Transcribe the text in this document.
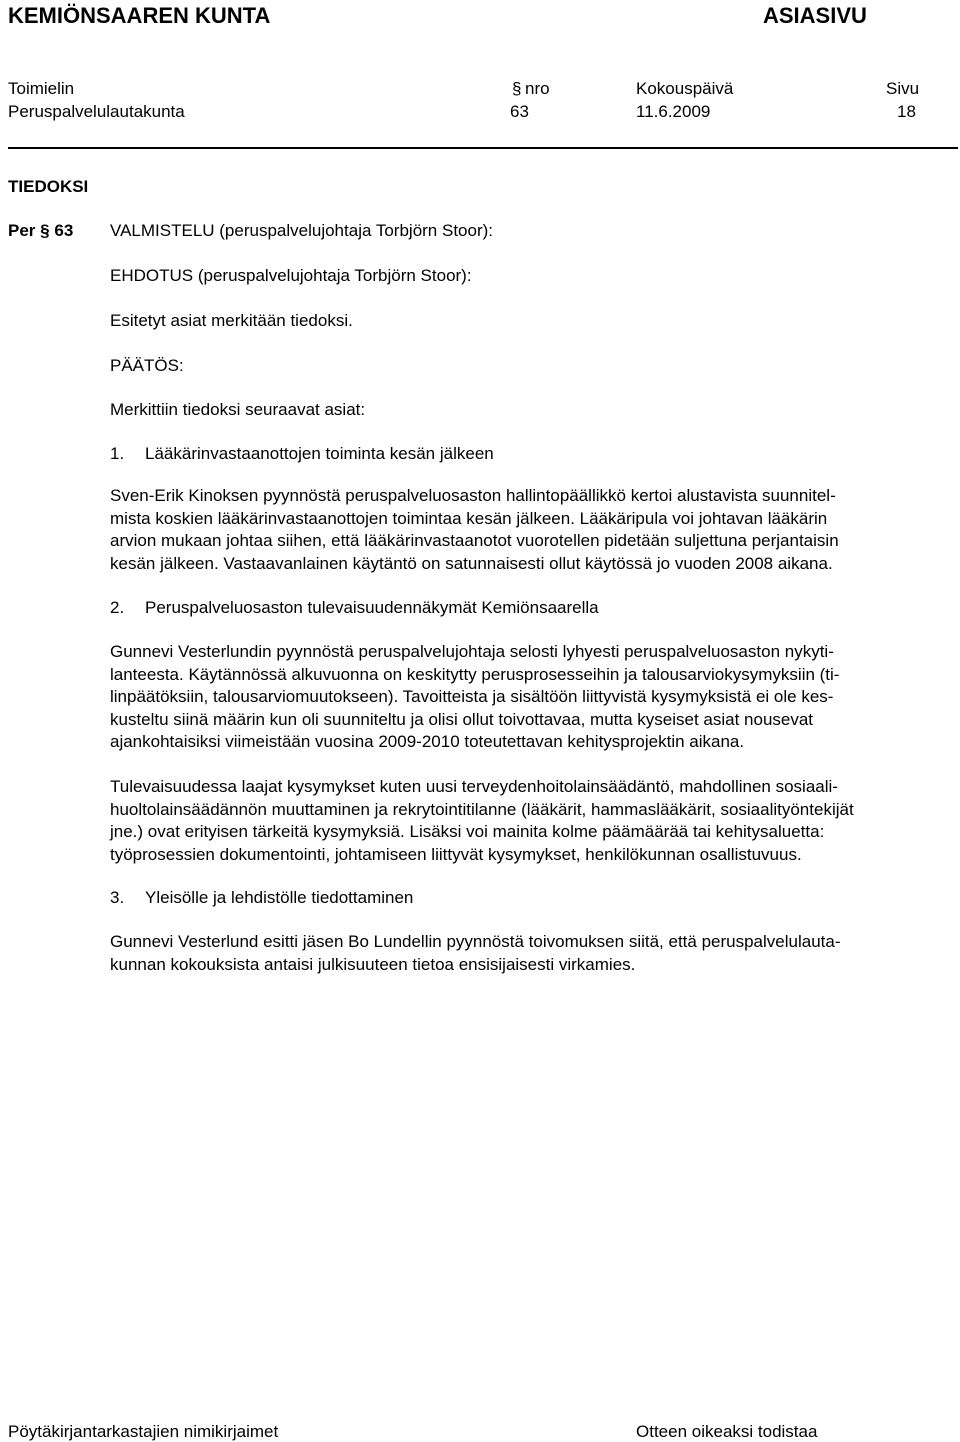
KEMIÖNSAAREN KUNTA	ASIASIVU
Toimielin	§ nro	Kokouspäivä	Sivu
Peruspalvelulautakunta	63	11.6.2009	18
TIEDOKSI
Per § 63 VALMISTELU (peruspalvelujohtaja Torbjörn Stoor):
EHDOTUS (peruspalvelujohtaja Torbjörn Stoor):
Esitetyt asiat merkitään tiedoksi.
PÄÄTÖS:
Merkittiin tiedoksi seuraavat asiat:
1. Lääkärinvastaanottojen toiminta kesän jälkeen

Sven-Erik Kinoksen pyynnöstä peruspalveluosaston hallintopäällikkö kertoi alustavista suunnitel-

mista koskien lääkärinvastaanottojen toimintaa kesän jälkeen. Lääkäripula voi johtavan lääkärin

arvion mukaan johtaa siihen, että lääkärinvastaanotot vuorotellen pidetään suljettuna perjantaisin

kesän jälkeen. Vastaavanlainen käytäntö on satunnaisesti ollut käytössä jo vuoden 2008 aikana.

2. Peruspalveluosaston tulevaisuudennäkymät Kemiönsaarella

Gunnevi Vesterlundin pyynnöstä peruspalvelujohtaja selosti lyhyesti peruspalveluosaston nykyti-

lanteesta. Käytännössä alkuvuonna on keskitytty perusprosesseihin ja talousarviokysymyksiin (ti-

linpäätöksiin, talousarviomuutokseen). Tavoitteista ja sisältöön liittyvistä kysymyksistä ei ole kes-

kusteltu siinä määrin kun oli suunniteltu ja olisi ollut toivottavaa, mutta kyseiset asiat nousevat

ajankohtaisiksi viimeistään vuosina 2009-2010 toteutettavan kehitysprojektin aikana.

Tulevaisuudessa laajat kysymykset kuten uusi terveydenhoitolainsäädäntö, mahdollinen sosiaali-

huoltolainsäädännön muuttaminen ja rekrytointitilanne (lääkärit, hammaslääkärit, sosiaalityöntekijät

jne.) ovat erityisen tärkeitä kysymyksiä. Lisäksi voi mainita kolme päämäärää tai kehitysaluetta:

työprosessien dokumentointi, johtamiseen liittyvät kysymykset, henkilökunnan osallistuvuus.

3. Yleisölle ja lehdistölle tiedottaminen

Gunnevi Vesterlund esitti jäsen Bo Lundellin pyynnöstä toivomuksen siitä, että peruspalvelulauta-

kunnan kokouksista antaisi julkisuuteen tietoa ensisijaisesti virkamies.

Pöytäkirjantarkastajien nimikirjaimet	Otteen oikeaksi todistaa
